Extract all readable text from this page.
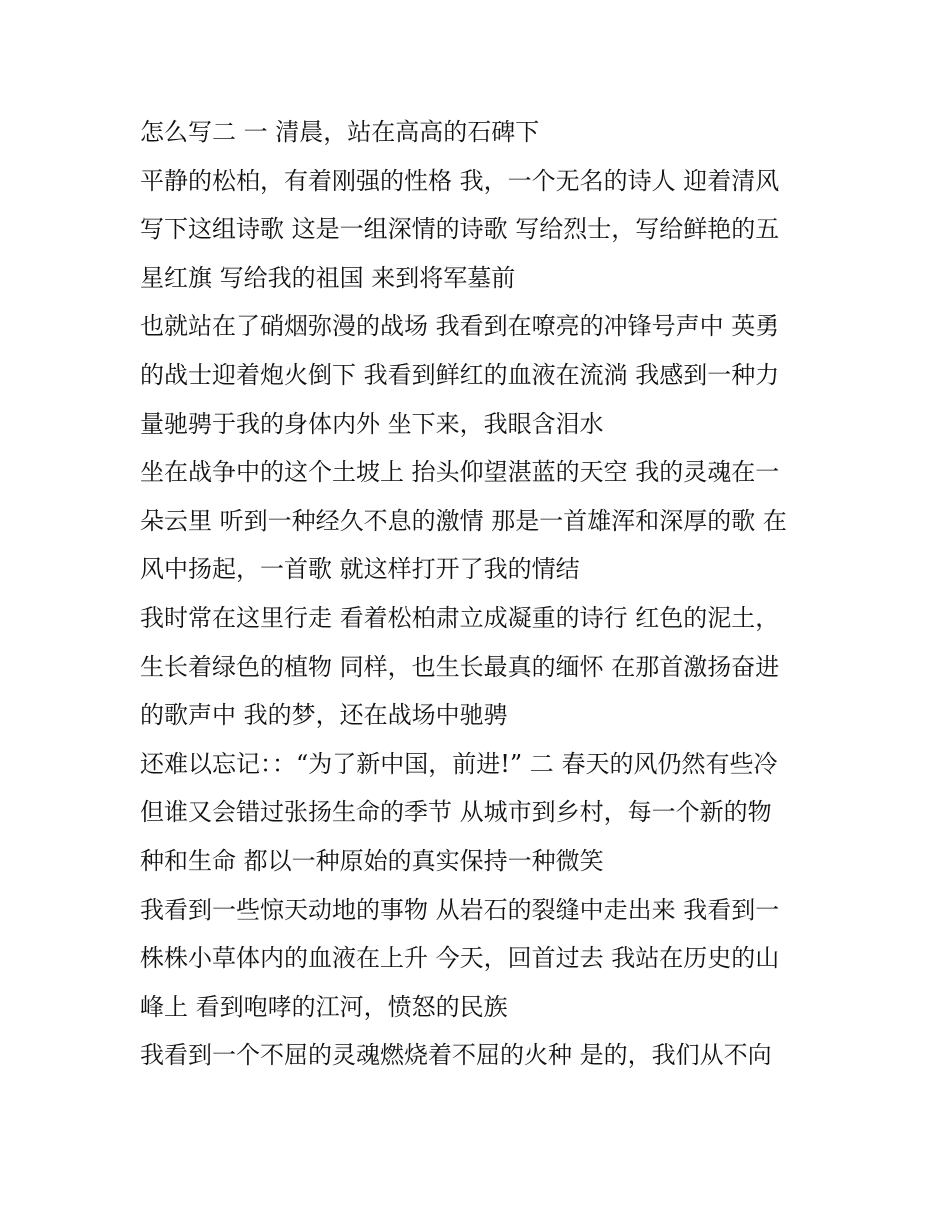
怎么写二 一 清晨，站在高高的石碑下

平静的松柏，有着刚强的性格 我，一个无名的诗人 迎着清风
写下这组诗歌 这是一组深情的诗歌 写给烈士，写给鲜艳的五
星红旗 写给我的祖国 来到将军墓前

也就站在了硝烟弥漫的战场 我看到在嘹亮的冲锋号声中 英勇
的战士迎着炮火倒下 我看到鲜红的血液在流淌 我感到一种力
量驰骋于我的身体内外 坐下来，我眼含泪水

坐在战争中的这个土坡上 抬头仰望湛蓝的天空 我的灵魂在一
朵云里 听到一种经久不息的激情 那是一首雄浑和深厚的歌 在
风中扬起，一首歌 就这样打开了我的情结

我时常在这里行走 看着松柏肃立成凝重的诗行 红色的泥土，
生长着绿色的植物 同样，也生长最真的缅怀 在那首激扬奋进
的歌声中 我的梦，还在战场中驰骋

还难以忘记：：“为了新中国，前进!” 二 春天的风仍然有些冷
但谁又会错过张扬生命的季节 从城市到乡村，每一个新的物
种和生命 都以一种原始的真实保持一种微笑

我看到一些惊天动地的事物 从岩石的裂缝中走出来 我看到一
株株小草体内的血液在上升 今天，回首过去 我站在历史的山
峰上 看到咆哮的江河，愤怒的民族

我看到一个不屈的灵魂燃烧着不屈的火种 是的，我们从不向
